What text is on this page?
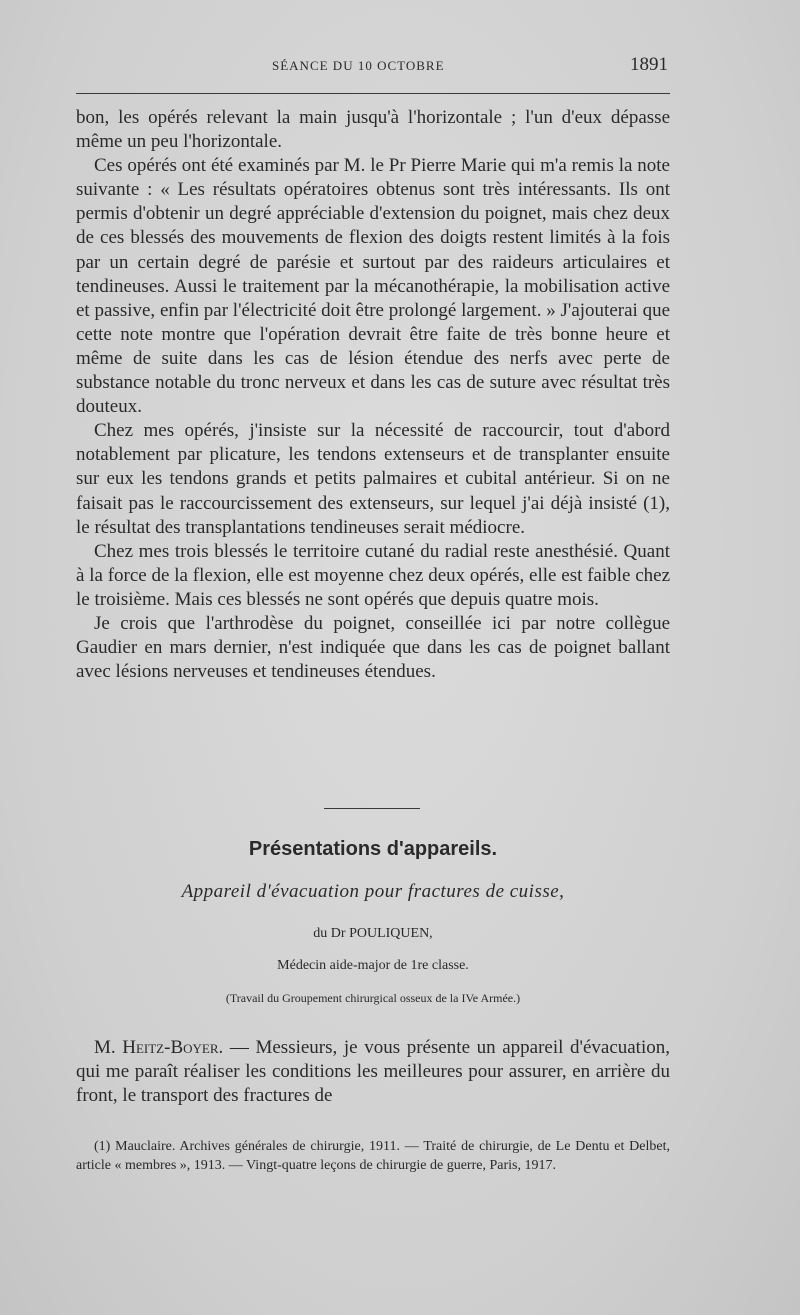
SÉANCE DU 10 OCTOBRE	1891

bon, les opérés relevant la main jusqu'à l'horizontale ; l'un d'eux dépasse même un peu l'horizontale.

Ces opérés ont été examinés par M. le Pr Pierre Marie qui m'a remis la note suivante : « Les résultats opératoires obtenus sont très intéressants. Ils ont permis d'obtenir un degré appréciable d'extension du poignet, mais chez deux de ces blessés des mouvements de flexion des doigts restent limités à la fois par un certain degré de parésie et surtout par des raideurs articulaires et tendineuses. Aussi le traitement par la mécanothérapie, la mobilisation active et passive, enfin par l'électricité doit être prolongé largement. » J'ajouterai que cette note montre que l'opération devrait être faite de très bonne heure et même de suite dans les cas de lésion étendue des nerfs avec perte de substance notable du tronc nerveux et dans les cas de suture avec résultat très douteux.

Chez mes opérés, j'insiste sur la nécessité de raccourcir, tout d'abord notablement par plicature, les tendons extenseurs et de transplanter ensuite sur eux les tendons grands et petits palmaires et cubital antérieur. Si on ne faisait pas le raccourcissement des extenseurs, sur lequel j'ai déjà insisté (1), le résultat des transplantations tendineuses serait médiocre.

Chez mes trois blessés le territoire cutané du radial reste anesthésié. Quant à la force de la flexion, elle est moyenne chez deux opérés, elle est faible chez le troisième. Mais ces blessés ne sont opérés que depuis quatre mois.

Je crois que l'arthrodèse du poignet, conseillée ici par notre collègue Gaudier en mars dernier, n'est indiquée que dans les cas de poignet ballant avec lésions nerveuses et tendineuses étendues.

Présentations d'appareils.
Appareil d'évacuation pour fractures de cuisse,
du Dr POULIQUEN,
Médecin aide-major de 1re classe.
(Travail du Groupement chirurgical osseux de la IVe Armée.)

M. Heitz-Boyer. — Messieurs, je vous présente un appareil d'évacuation, qui me paraît réaliser les conditions les meilleures pour assurer, en arrière du front, le transport des fractures de

(1) Mauclaire. Archives générales de chirurgie, 1911. — Traité de chirurgie, de Le Dentu et Delbet, article « membres », 1913. — Vingt-quatre leçons de chirurgie de guerre, Paris, 1917.
